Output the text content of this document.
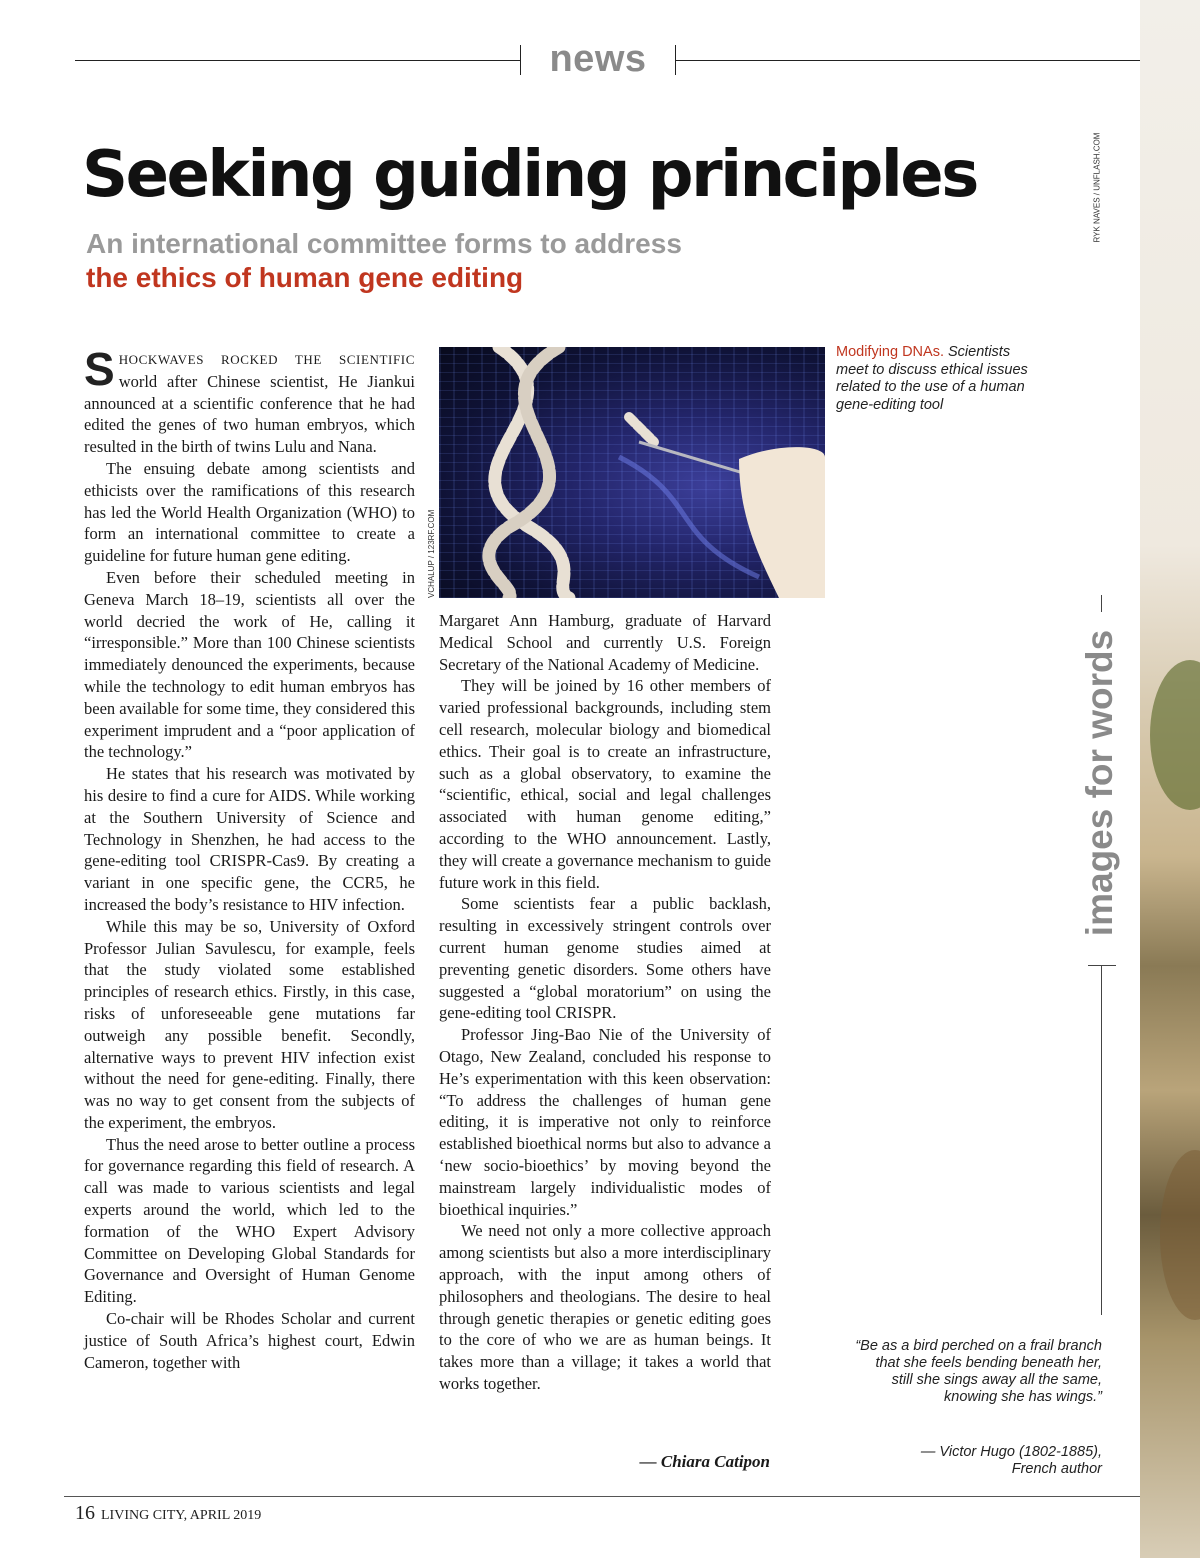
news
RYK NAVES / UNFLASH.COM
Seeking guiding principles
An international committee forms to address
the ethics of human gene editing

SHOCKWAVES ROCKED THE SCIENTIFIC world after Chinese scientist, He Jiankui announced at a scientific conference that he had edited the genes of two human embryos, which resulted in the birth of twins Lulu and Nana.

The ensuing debate among scientists and ethicists over the ramifications of this research has led the World Health Organization (WHO) to form an international committee to create a guideline for future human gene editing.

Even before their scheduled meeting in Geneva March 18–19, scientists all over the world decried the work of He, calling it “irresponsible.” More than 100 Chinese scientists immediately denounced the experiments, because while the technology to edit human embryos has been available for some time, they considered this experiment imprudent and a “poor application of the technology.”

He states that his research was motivated by his desire to find a cure for AIDS. While working at the Southern University of Science and Technology in Shenzhen, he had access to the gene-editing tool CRISPR-Cas9. By creating a variant in one specific gene, the CCR5, he increased the body’s resistance to HIV infection.

While this may be so, University of Oxford Professor Julian Savulescu, for example, feels that the study violated some established principles of research ethics. Firstly, in this case, risks of unforeseeable gene mutations far outweigh any possible benefit. Secondly, alternative ways to prevent HIV infection exist without the need for gene-editing. Finally, there was no way to get consent from the subjects of the experiment, the embryos.

Thus the need arose to better outline a process for governance regarding this field of research. A call was made to various scientists and legal experts around the world, which led to the formation of the WHO Expert Advisory Committee on Developing Global Standards for Governance and Oversight of Human Genome Editing.

Co-chair will be Rhodes Scholar and current justice of South Africa’s highest court, Edwin Cameron, together with

VCHALUP / 123RF.COM

Margaret Ann Hamburg, graduate of Harvard Medical School and currently U.S. Foreign Secretary of the National Academy of Medicine.

They will be joined by 16 other members of varied professional backgrounds, including stem cell research, molecular biology and biomedical ethics. Their goal is to create an infrastructure, such as a global observatory, to examine the “scientific, ethical, social and legal challenges associated with human genome editing,” according to the WHO announcement. Lastly, they will create a governance mechanism to guide future work in this field.

Some scientists fear a public backlash, resulting in excessively stringent controls over current human genome studies aimed at preventing genetic disorders. Some others have suggested a “global moratorium” on using the gene-editing tool CRISPR.

Professor Jing-Bao Nie of the University of Otago, New Zealand, concluded his response to He’s experimentation with this keen observation: “To address the challenges of human gene editing, it is imperative not only to reinforce established bioethical norms but also to advance a ‘new socio-bioethics’ by moving beyond the mainstream largely individualistic modes of bioethical inquiries.”

We need not only a more collective approach among scientists but also a more interdisciplinary approach, with the input among others of philosophers and theologians. The desire to heal through genetic therapies or genetic editing goes to the core of who we are as human beings. It takes more than a village; it takes a world that works together.

— Chiara Catipon
Modifying DNAs. Scientists meet to discuss ethical issues related to the use of a human gene-editing tool
images for words
“Be as a bird perched on a frail branch
that she feels bending beneath her,
still she sings away all the same,
knowing she has wings.”
— Victor Hugo (1802-1885),
French author
16 LIVING CITY, APRIL 2019
